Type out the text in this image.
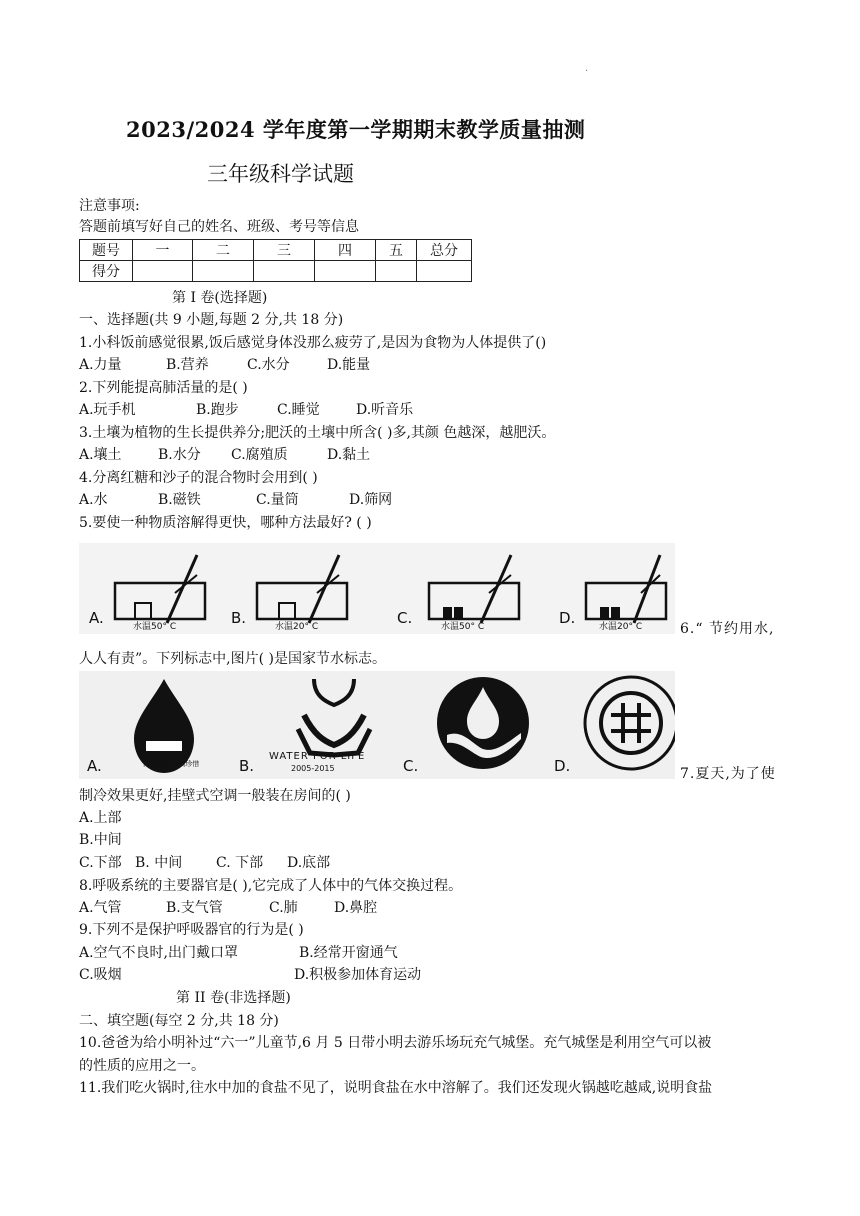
·
2023/2024 学年度第一学期期末教学质量抽测
三年级科学试题
注意事项:
答题前填写好自己的姓名、班级、考号等信息
题号	一	二	三	四	五	总分
得分						
第 I 卷(选择题)
一、选择题(共 9 小题,每题 2 分,共 18 分)
1.小科饭前感觉很累,饭后感觉身体没那么疲劳了,是因为食物为人体提供了()
A.力量	B.营养	C.水分	D.能量
2.下列能提高肺活量的是( )
A.玩手机	B.跑步	C.睡觉	D.听音乐
3.土壤为植物的生长提供养分;肥沃的土壤中所含( )多,其颜 色越深，越肥沃。
A.壤土	B.水分 C.腐殖质	D.黏土
4.分离红糖和沙子的混合物时会用到( )
A.水	B.磁铁	C.量筒	D.筛网
5.要使一种物质溶解得更快，哪种方法最好? ( )
A.	水温50° C	B.	水温20° C	C.	水温50° C	D.	水温20° C	6.“ 节约用水,
人人有责”。下列标志中,图片( )是国家节水标志。
A.	节约用水 滴滴珍惜	B.
WATER FOR LIFE
2005-2015	C.	D.	7.夏天,为了使
制冷效果更好,挂壁式空调一般装在房间的( )
A.上部
B.中间
C.下部 B. 中间 C. 下部 D.底部
8.呼吸系统的主要器官是( ),它完成了人体中的气体交换过程。
A.气管	B.支气管	C.肺	D.鼻腔
9.下列不是保护呼吸器官的行为是( )
A.空气不良时,出门戴口罩	B.经常开窗通气
C.吸烟	D.积极参加体育运动
第 II 卷(非选择题)
二、填空题(每空 2 分,共 18 分)
10.爸爸为给小明补过“六一”儿童节,6 月 5 日带小明去游乐场玩充气城堡。充气城堡是利用空气可以被
的性质的应用之一。
11.我们吃火锅时,往水中加的食盐不见了，说明食盐在水中溶解了。我们还发现火锅越吃越咸,说明食盐
